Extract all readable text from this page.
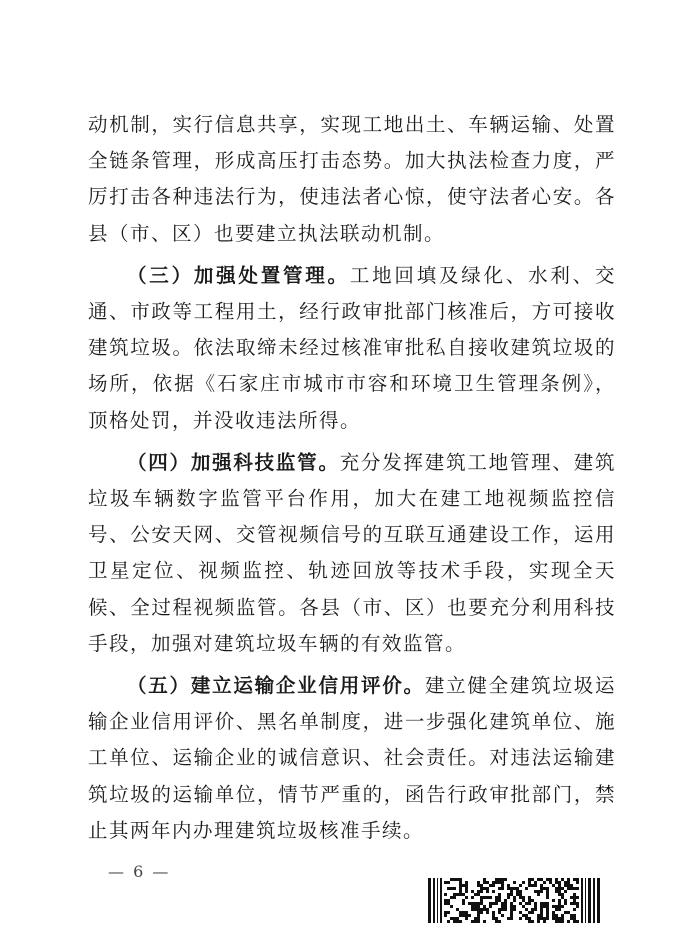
动机制，实行信息共享，实现工地出土、车辆运输、处置全链条管理，形成高压打击态势。加大执法检查力度，严厉打击各种违法行为，使违法者心惊，使守法者心安。各县（市、区）也要建立执法联动机制。

（三）加强处置管理。工地回填及绿化、水利、交通、市政等工程用土，经行政审批部门核准后，方可接收建筑垃圾。依法取缔未经过核准审批私自接收建筑垃圾的场所，依据《石家庄市城市市容和环境卫生管理条例》，顶格处罚，并没收违法所得。

（四）加强科技监管。充分发挥建筑工地管理、建筑垃圾车辆数字监管平台作用，加大在建工地视频监控信号、公安天网、交管视频信号的互联互通建设工作，运用卫星定位、视频监控、轨迹回放等技术手段，实现全天候、全过程视频监管。各县（市、区）也要充分利用科技手段，加强对建筑垃圾车辆的有效监管。

（五）建立运输企业信用评价。建立健全建筑垃圾运输企业信用评价、黑名单制度，进一步强化建筑单位、施工单位、运输企业的诚信意识、社会责任。对违法运输建筑垃圾的运输单位，情节严重的，函告行政审批部门，禁止其两年内办理建筑垃圾核准手续。

— 6 —
